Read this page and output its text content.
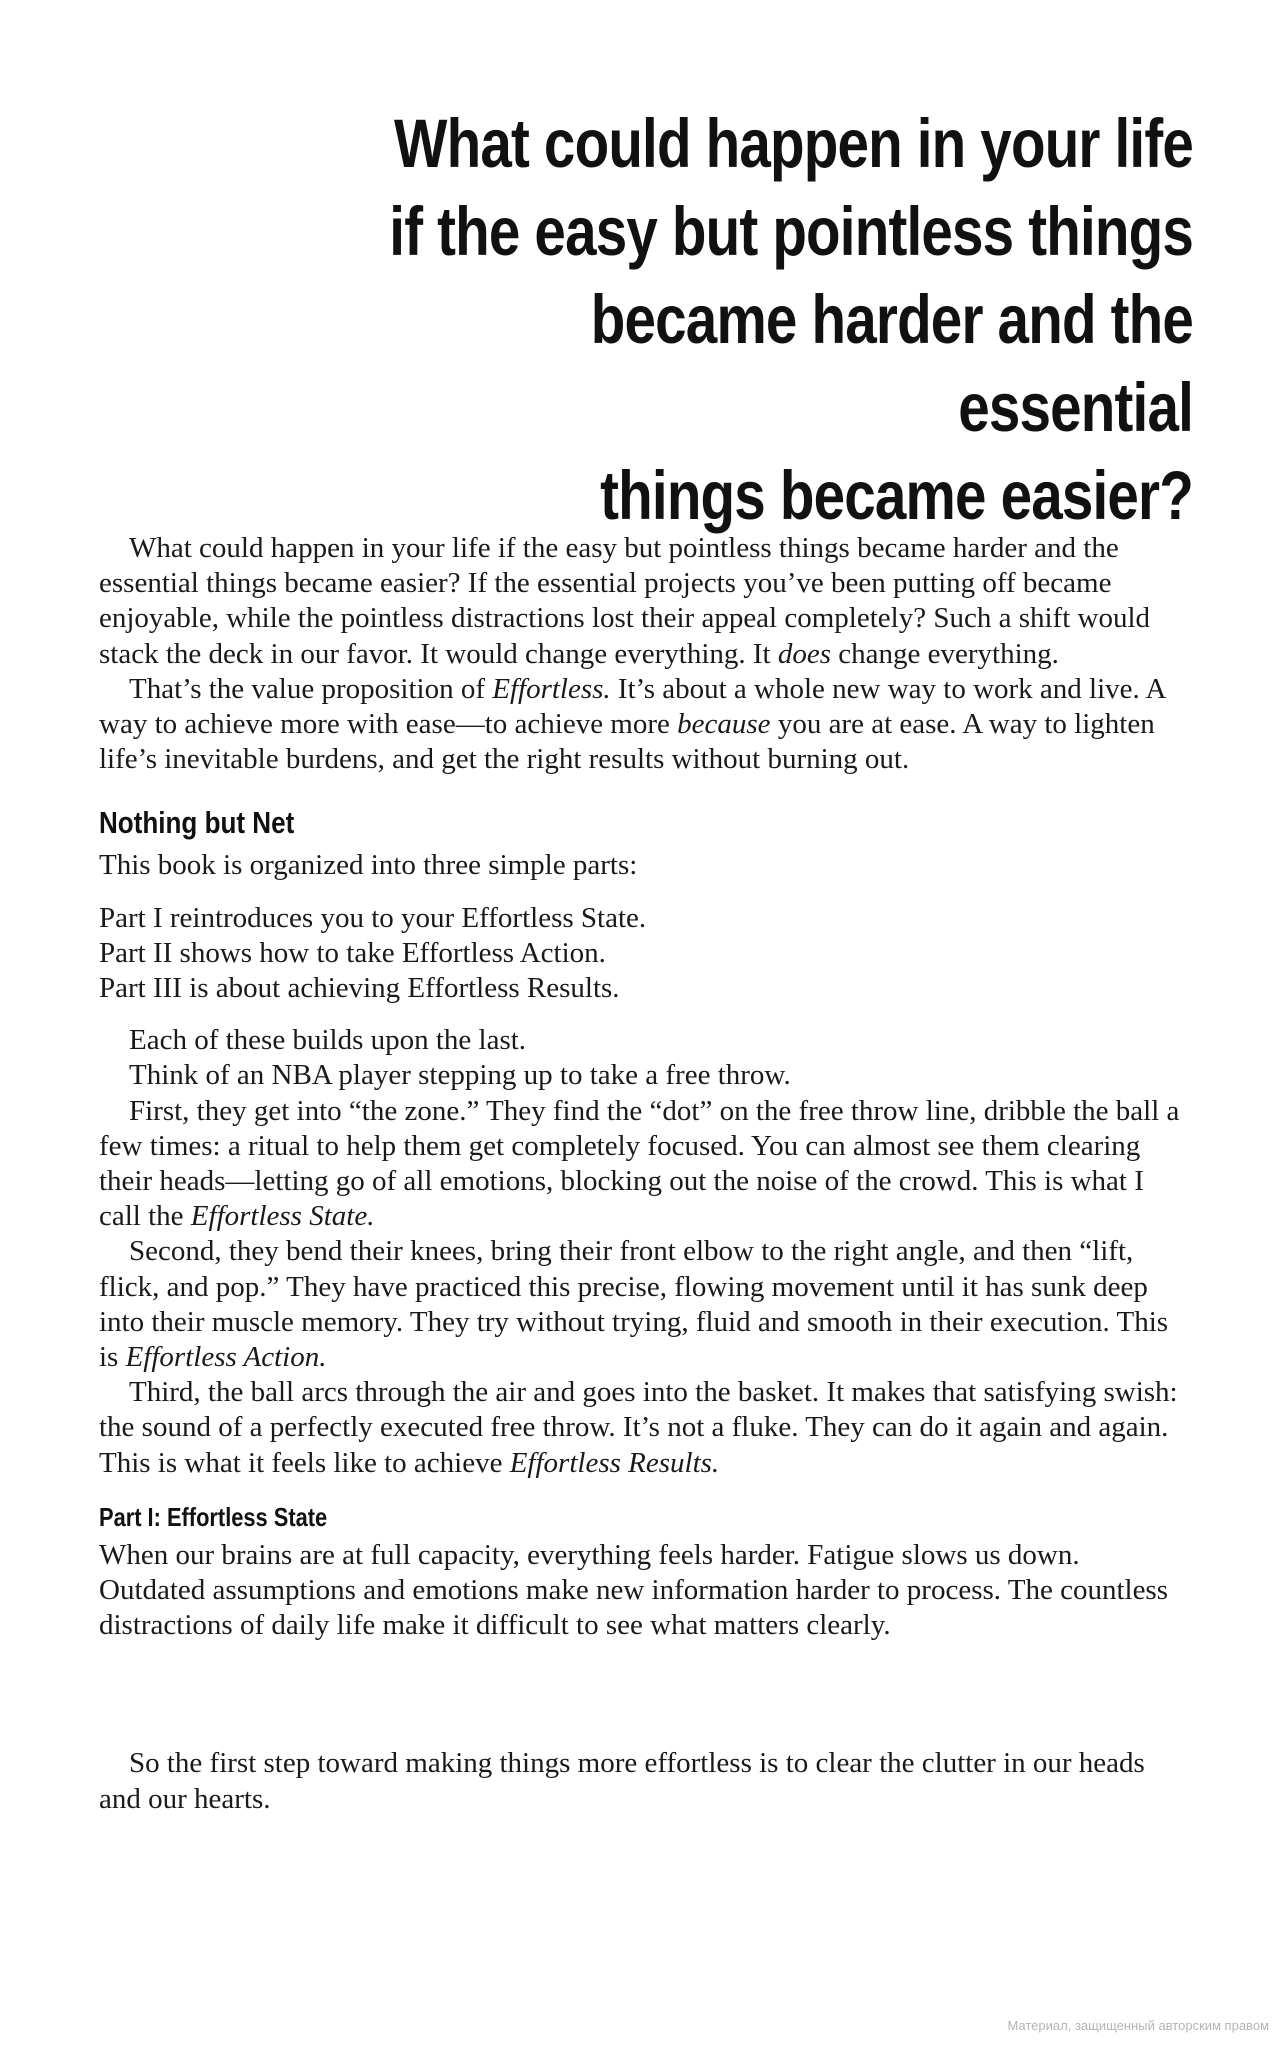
What could happen in your life
if the easy but pointless things
became harder and the essential
things became easier?

What could happen in your life if the easy but pointless things became harder and the essential things became easier? If the essential projects you’ve been putting off became enjoyable, while the pointless distractions lost their appeal completely? Such a shift would stack the deck in our favor. It would change everything. It does change everything.

That’s the value proposition of Effortless. It’s about a whole new way to work and live. A way to achieve more with ease—to achieve more because you are at ease. A way to lighten life’s inevitable burdens, and get the right results without burning out.

Nothing but Net

This book is organized into three simple parts:

Part I reintroduces you to your Effortless State.

Part II shows how to take Effortless Action.

Part III is about achieving Effortless Results.

Each of these builds upon the last.

Think of an NBA player stepping up to take a free throw.

First, they get into “the zone.” They find the “dot” on the free throw line, dribble the ball a few times: a ritual to help them get completely focused. You can almost see them clearing their heads—letting go of all emotions, blocking out the noise of the crowd. This is what I call the Effortless State.

Second, they bend their knees, bring their front elbow to the right angle, and then “lift, flick, and pop.” They have practiced this precise, flowing movement until it has sunk deep into their muscle memory. They try without trying, fluid and smooth in their execution. This is Effortless Action.

Third, the ball arcs through the air and goes into the basket. It makes that satisfying swish: the sound of a perfectly executed free throw. It’s not a fluke. They can do it again and again. This is what it feels like to achieve Effortless Results.

Part I: Effortless State

When our brains are at full capacity, everything feels harder. Fatigue slows us down. Outdated assumptions and emotions make new information harder to process. The countless distractions of daily life make it difficult to see what matters clearly.

So the first step toward making things more effortless is to clear the clutter in our heads and our hearts.

Материал, защищенный авторским правом
